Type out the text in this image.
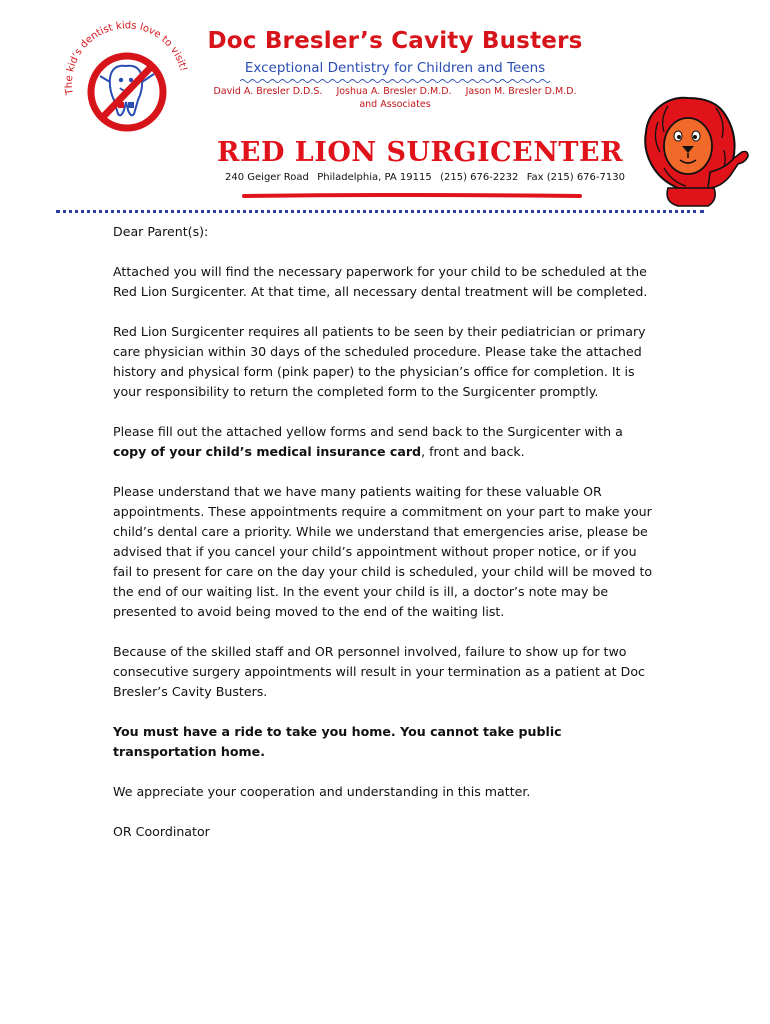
The kid’s dentist kids love to visit!
Doc Bresler’s Cavity Busters
Exceptional Dentistry for Children and Teens
David A. Bresler D.D.S. Joshua A. Bresler D.M.D. Jason M. Bresler D.M.D.
and Associates
RED LION SURGICENTER
240 Geiger Road Philadelphia, PA 19115 (215) 676-2232 Fax (215) 676-7130

Dear Parent(s):

Attached you will find the necessary paperwork for your child to be scheduled at the Red Lion Surgicenter. At that time, all necessary dental treatment will be completed.

Red Lion Surgicenter requires all patients to be seen by their pediatrician or primary care physician within 30 days of the scheduled procedure. Please take the attached history and physical form (pink paper) to the physician’s office for completion. It is your responsibility to return the completed form to the Surgicenter promptly.

Please fill out the attached yellow forms and send back to the Surgicenter with a copy of your child’s medical insurance card, front and back.

Please understand that we have many patients waiting for these valuable OR appointments. These appointments require a commitment on your part to make your child’s dental care a priority. While we understand that emergencies arise, please be advised that if you cancel your child’s appointment without proper notice, or if you fail to present for care on the day your child is scheduled, your child will be moved to the end of our waiting list. In the event your child is ill, a doctor’s note may be presented to avoid being moved to the end of the waiting list.

Because of the skilled staff and OR personnel involved, failure to show up for two consecutive surgery appointments will result in your termination as a patient at Doc Bresler’s Cavity Busters.

You must have a ride to take you home. You cannot take public transportation home.

We appreciate your cooperation and understanding in this matter.

OR Coordinator
